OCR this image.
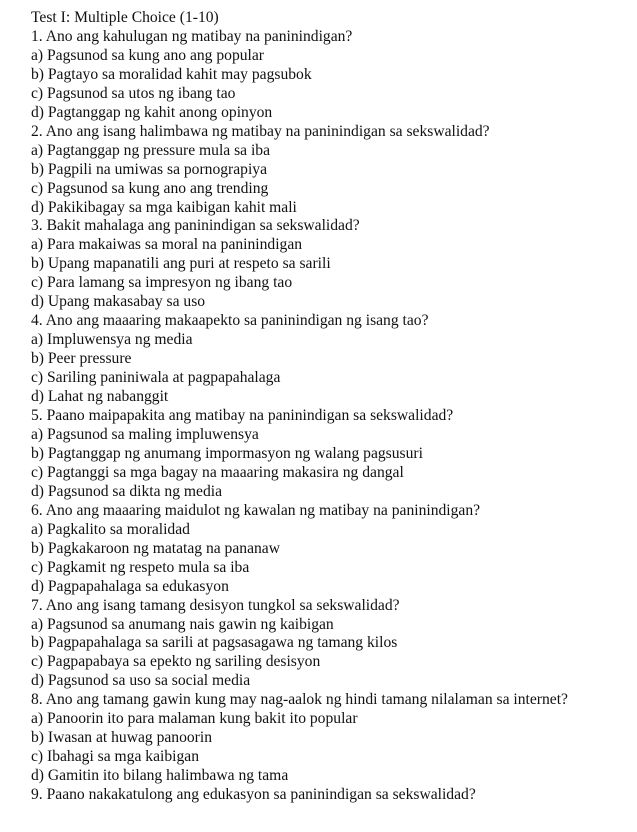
Test I: Multiple Choice (1-10)
1. Ano ang kahulugan ng matibay na paninindigan?
a) Pagsunod sa kung ano ang popular
b) Pagtayo sa moralidad kahit may pagsubok
c) Pagsunod sa utos ng ibang tao
d) Pagtanggap ng kahit anong opinyon
2. Ano ang isang halimbawa ng matibay na paninindigan sa sekswalidad?
a) Pagtanggap ng pressure mula sa iba
b) Pagpili na umiwas sa pornograpiya
c) Pagsunod sa kung ano ang trending
d) Pakikibagay sa mga kaibigan kahit mali
3. Bakit mahalaga ang paninindigan sa sekswalidad?
a) Para makaiwas sa moral na paninindigan
b) Upang mapanatili ang puri at respeto sa sarili
c) Para lamang sa impresyon ng ibang tao
d) Upang makasabay sa uso
4. Ano ang maaaring makaapekto sa paninindigan ng isang tao?
a) Impluwensya ng media
b) Peer pressure
c) Sariling paniniwala at pagpapahalaga
d) Lahat ng nabanggit
5. Paano maipapakita ang matibay na paninindigan sa sekswalidad?
a) Pagsunod sa maling impluwensya
b) Pagtanggap ng anumang impormasyon ng walang pagsusuri
c) Pagtanggi sa mga bagay na maaaring makasira ng dangal
d) Pagsunod sa dikta ng media
6. Ano ang maaaring maidulot ng kawalan ng matibay na paninindigan?
a) Pagkalito sa moralidad
b) Pagkakaroon ng matatag na pananaw
c) Pagkamit ng respeto mula sa iba
d) Pagpapahalaga sa edukasyon
7. Ano ang isang tamang desisyon tungkol sa sekswalidad?
a) Pagsunod sa anumang nais gawin ng kaibigan
b) Pagpapahalaga sa sarili at pagsasagawa ng tamang kilos
c) Pagpapabaya sa epekto ng sariling desisyon
d) Pagsunod sa uso sa social media
8. Ano ang tamang gawin kung may nag-aalok ng hindi tamang nilalaman sa internet?
a) Panoorin ito para malaman kung bakit ito popular
b) Iwasan at huwag panoorin
c) Ibahagi sa mga kaibigan
d) Gamitin ito bilang halimbawa ng tama
9. Paano nakakatulong ang edukasyon sa paninindigan sa sekswalidad?
